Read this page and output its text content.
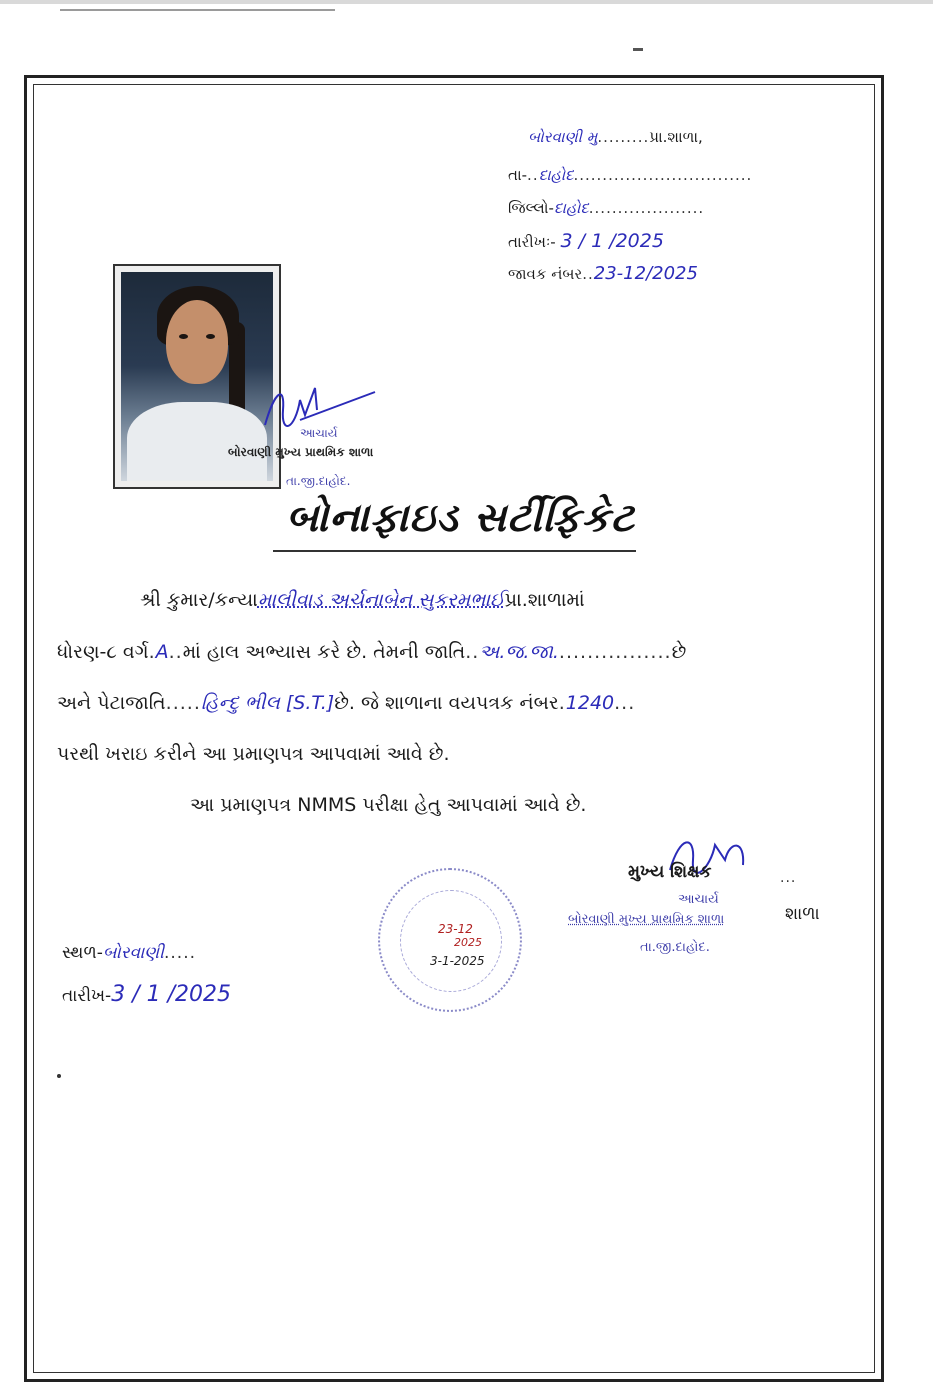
બોરવાણી મુ.........પ્રા.શાળા,
તા-..દાહોદ...............................
જિલ્લો-દાહોદ....................
તારીખઃ- 3 / 1 /2025
જાવક નંબર..23-12/2025
આચાર્ય
બોરવાણી મુખ્ય પ્રાથમિક શાળા
તા.જી.દાહોદ.
બોનાફાઇડ સર્ટીફિકેટ
શ્રી કુમાર/કન્યામાલીવાડ અર્ચનાબેન સુકરમભાઈપ્રા.શાળામાં
ધોરણ-૮ વર્ગ.A..માં હાલ અભ્યાસ કરે છે. તેમની જાતિ..અ.જ.જા.................છે
અને પેટાજાતિ.....હિન્દુ ભીલ [S.T.]છે. જે શાળાના વયપત્રક નંબર.1240...
પરથી ખરાઇ કરીને આ પ્રમાણપત્ર આપવામાં આવે છે.
આ પ્રમાણપત્ર NMMS પરીક્ષા હેતુ આપવામાં આવે છે.
23-12
2025
3-1-2025
મુખ્ય શિક્ષક	...
આચાર્ય
બોરવાણી મુખ્ય પ્રાથમિક શાળા	શાળા
તા.જી.દાહોદ.
સ્થળ-બોરવાણી.....
તારીખ-3 / 1 /2025
